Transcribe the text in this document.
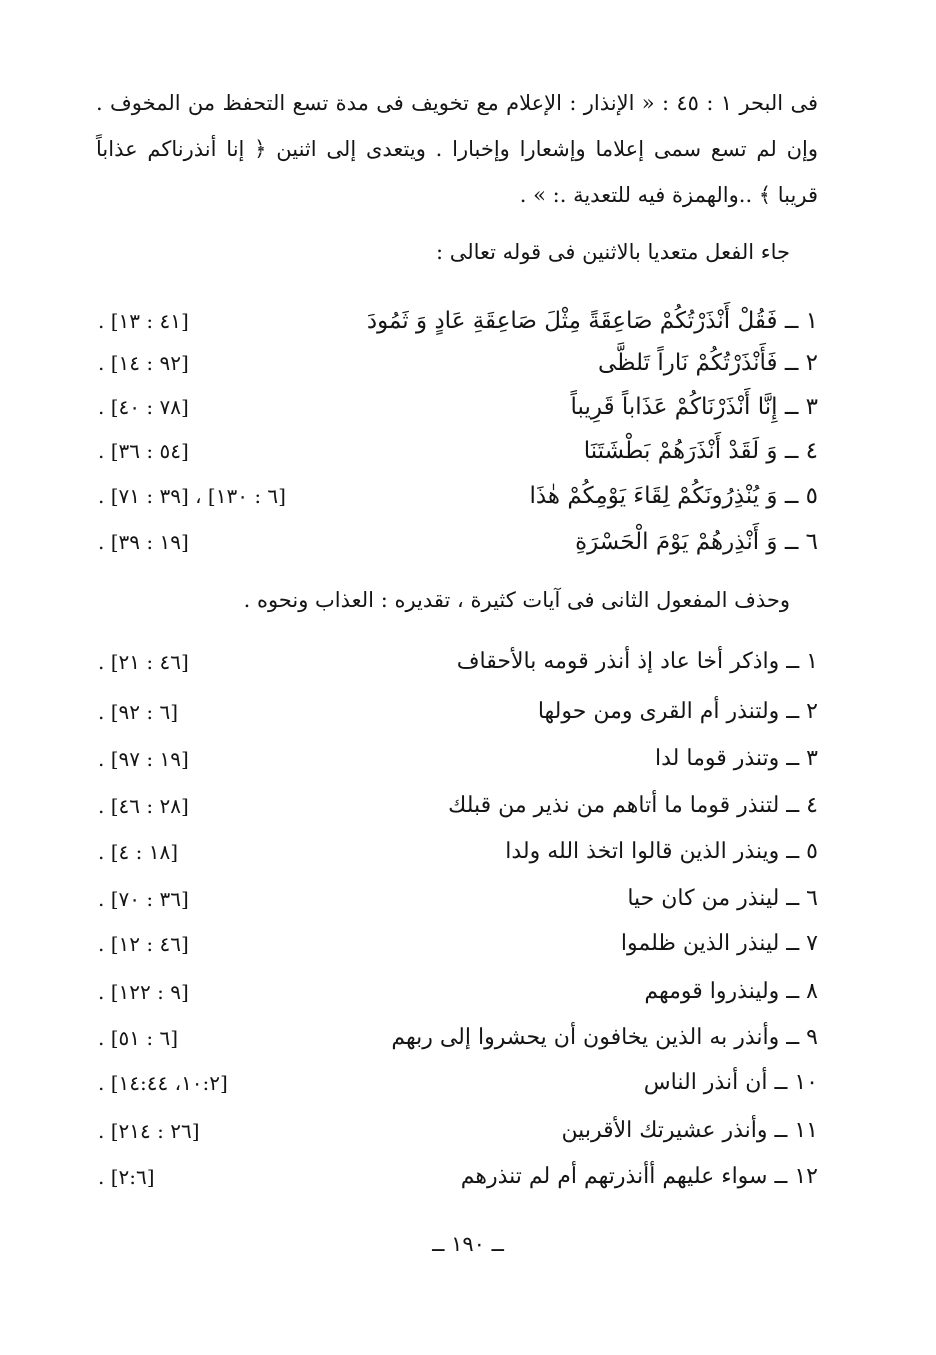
فى البحر ١ : ٤٥ : « الإنذار : الإعلام مع تخويف فى مدة تسع التحفظ من المخوف . وإن لم تسع سمى إعلاما وإشعارا وإخبارا . ويتعدى إلى اثنين ﴿ إنا أنذرناكم عذاباً قريبا ﴾ ..والهمزة فيه للتعدية .: » .
جاء الفعل متعديا بالاثنين فى قوله تعالى :
١ ــ فَقُلْ أَنْذَرْتُكُمْ صَاعِقَةً مِثْلَ صَاعِقَةِ عَادٍ وَ ثَمُودَ
[٤١ : ١٣] .
٢ ــ فَأَنْذَرْتُكُمْ نَاراً تَلظَّى
[٩٢ : ١٤] .
٣ ــ إِنَّا أَنْذَرْنَاكُمْ عَذَاباً قَرِيباً
[٧٨ : ٤٠] .
٤ ــ وَ لَقَدْ أَنْذَرَهُمْ بَطْشَتَنَا
[٥٤ : ٣٦] .
٥ ــ وَ يُنْذِرُونَكُمْ لِقَاءَ يَوْمِكُمْ هٰذَا
[٦ : ١٣٠] ، [٣٩ : ٧١] .
٦ ــ وَ أَنْذِرهُمْ يَوْمَ الْحَسْرَةِ
[١٩ : ٣٩] .
وحذف المفعول الثانى فى آيات كثيرة ، تقديره : العذاب ونحوه .
١ ــ واذكر أخا عاد إذ أنذر قومه بالأحقاف
[٤٦ : ٢١] .
٢ ــ ولتنذر أم القرى ومن حولها
[٦ : ٩٢] .
٣ ــ وتنذر قوما لدا
[١٩ : ٩٧] .
٤ ــ لتنذر قوما ما أتاهم من نذير من قبلك
[٢٨ : ٤٦] .
٥ ــ وينذر الذين قالوا اتخذ الله ولدا
[١٨ : ٤] .
٦ ــ لينذر من كان حيا
[٣٦ : ٧٠] .
٧ ــ لينذر الذين ظلموا
[٤٦ : ١٢] .
٨ ــ ولينذروا قومهم
[٩ : ١٢٢] .
٩ ــ وأنذر به الذين يخافون أن يحشروا إلى ربهم
[٦ : ٥١] .
١٠ ــ أن أنذر الناس
[١٠:٢، ١٤:٤٤] .
١١ ــ وأنذر عشيرتك الأقربين
[٢٦ : ٢١٤] .
١٢ ــ سواء عليهم أأنذرتهم أم لم تنذرهم
[٢:٦] .
ــ ١٩٠ ــ
